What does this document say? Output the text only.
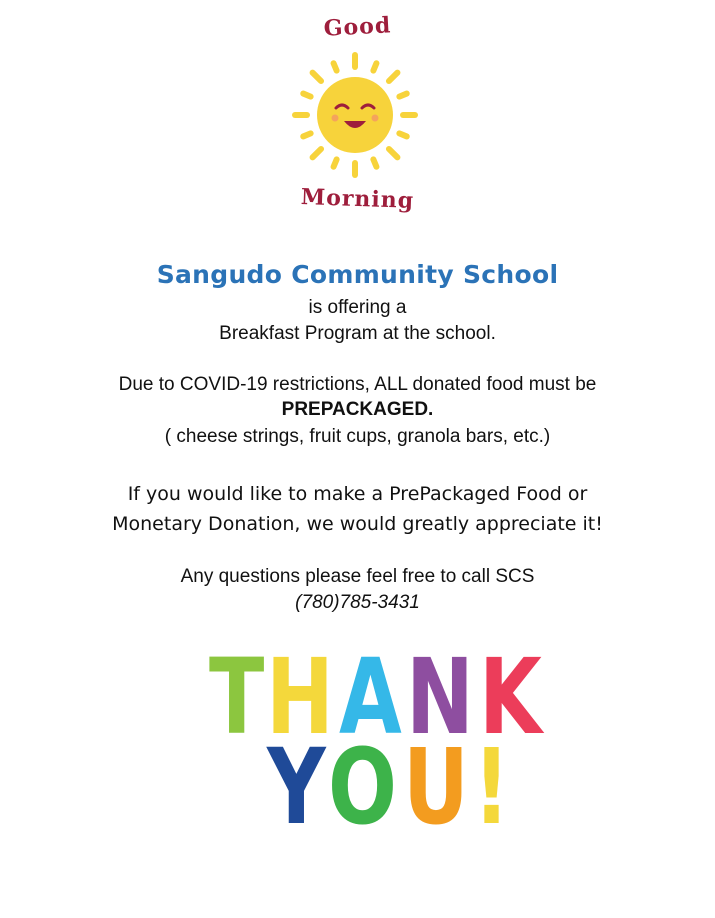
Good
Morning
Sangudo Community School
is offering a
Breakfast Program at the school.
Due to COVID-19 restrictions, ALL donated food must be
PREPACKAGED.
( cheese strings, fruit cups, granola bars, etc.)
If you would like to make a PrePackaged Food or
Monetary Donation, we would greatly appreciate it!
Any questions please feel free to call SCS
(780)785-3431
T H A N K
Y O U !
